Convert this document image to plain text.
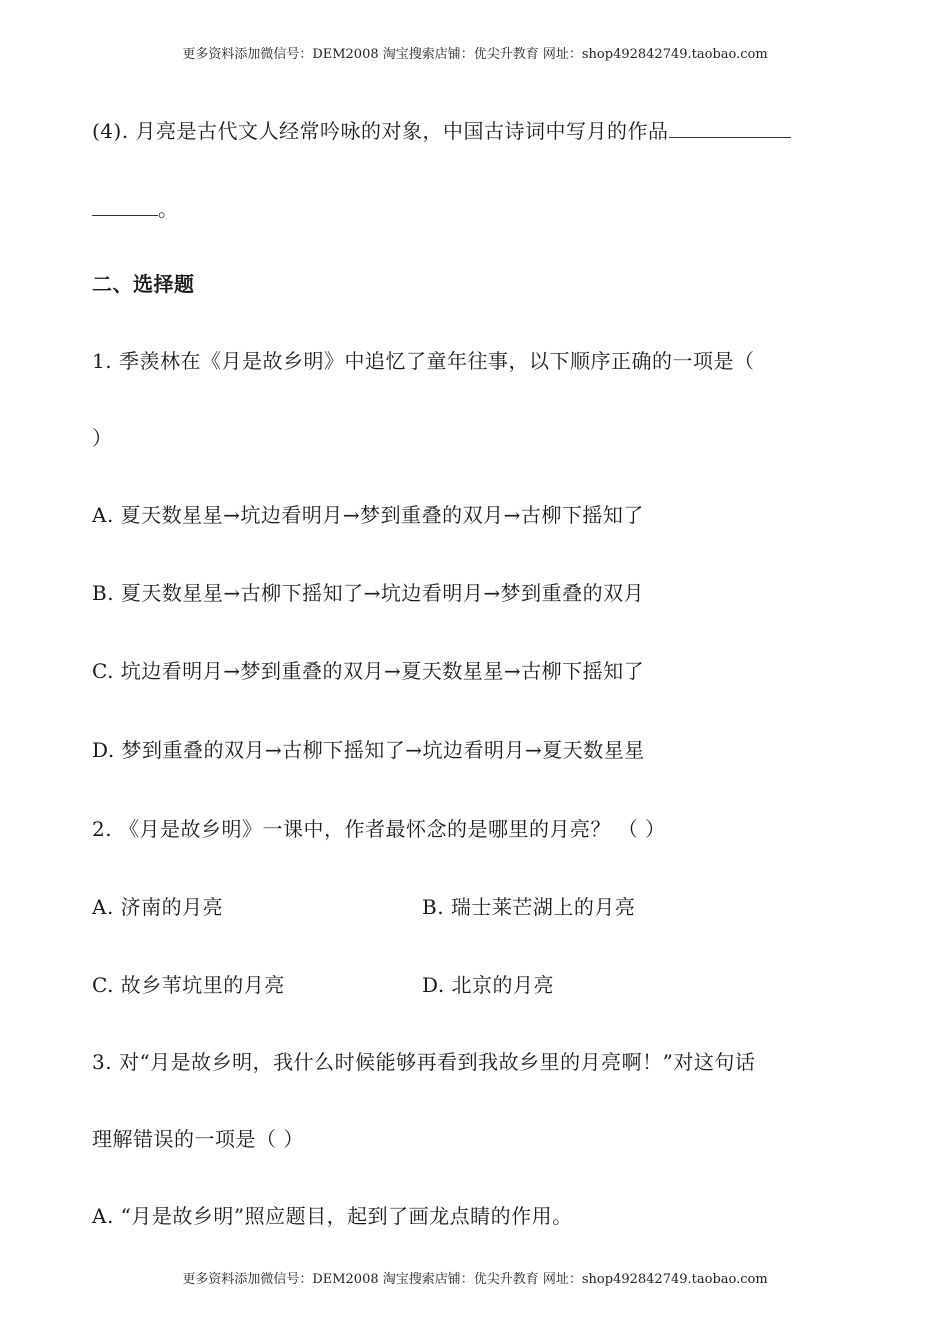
更多资料添加微信号：DEM2008 淘宝搜索店铺：优尖升教育 网址：shop492842749.taobao.com
(4). 月亮是古代文人经常吟咏的对象，中国古诗词中写月的作品
。
二、选择题
1. 季羡林在《月是故乡明》中追忆了童年往事，以下顺序正确的一项是（
）
A. 夏天数星星→坑边看明月→梦到重叠的双月→古柳下摇知了
B. 夏天数星星→古柳下摇知了→坑边看明月→梦到重叠的双月
C. 坑边看明月→梦到重叠的双月→夏天数星星→古柳下摇知了
D. 梦到重叠的双月→古柳下摇知了→坑边看明月→夏天数星星
2. 《月是故乡明》一课中，作者最怀念的是哪里的月亮？ （ ）
A. 济南的月亮	B. 瑞士莱芒湖上的月亮
C. 故乡苇坑里的月亮	D. 北京的月亮
3. 对“月是故乡明，我什么时候能够再看到我故乡里的月亮啊！”对这句话
理解错误的一项是（ ）
A. “月是故乡明”照应题目，起到了画龙点睛的作用。
更多资料添加微信号：DEM2008 淘宝搜索店铺：优尖升教育 网址：shop492842749.taobao.com
